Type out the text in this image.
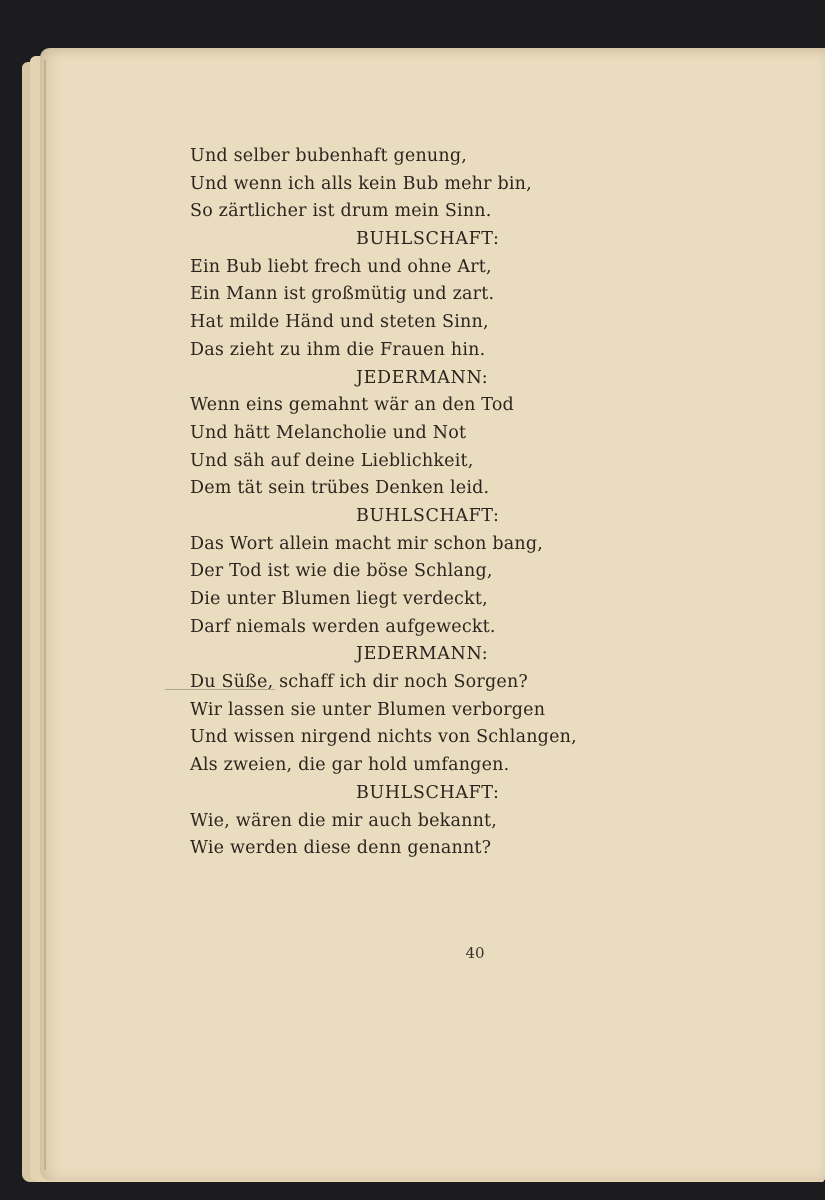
Und selber bubenhaft genung,
Und wenn ich alls kein Bub mehr bin,
So zärtlicher ist drum mein Sinn.
BUHLSCHAFT:
Ein Bub liebt frech und ohne Art,
Ein Mann ist großmütig und zart.
Hat milde Händ und steten Sinn,
Das zieht zu ihm die Frauen hin.
JEDERMANN:
Wenn eins gemahnt wär an den Tod
Und hätt Melancholie und Not
Und säh auf deine Lieblichkeit,
Dem tät sein trübes Denken leid.
BUHLSCHAFT:
Das Wort allein macht mir schon bang,
Der Tod ist wie die böse Schlang,
Die unter Blumen liegt verdeckt,
Darf niemals werden aufgeweckt.
JEDERMANN:
Du Süße, schaff ich dir noch Sorgen?
Wir lassen sie unter Blumen verborgen
Und wissen nirgend nichts von Schlangen,
Als zweien, die gar hold umfangen.
BUHLSCHAFT:
Wie, wären die mir auch bekannt,
Wie werden diese denn genannt?
40
